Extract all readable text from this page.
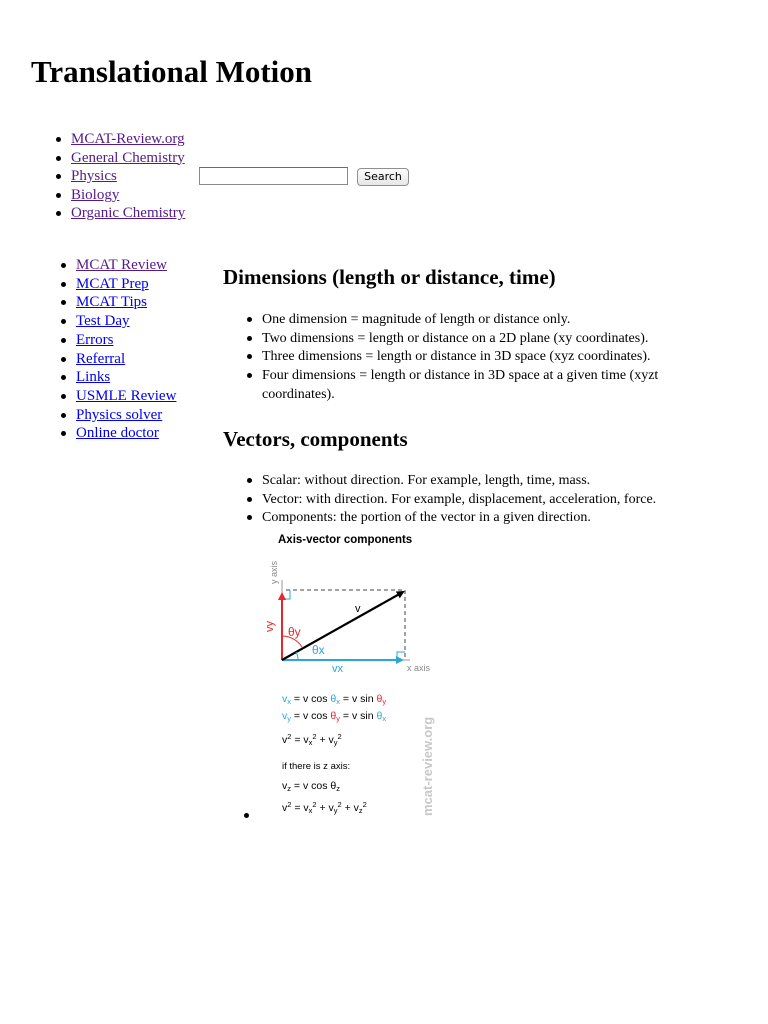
Translational Motion
MCAT-Review.org
General Chemistry
Physics
Biology
Organic Chemistry
Search
MCAT Review
MCAT Prep
MCAT Tips
Test Day
Errors
Referral
Links
USMLE Review
Physics solver
Online doctor
Dimensions (length or distance, time)
One dimension = magnitude of length or distance only.
Two dimensions = length or distance on a 2D plane (xy coordinates).
Three dimensions = length or distance in 3D space (xyz coordinates).
Four dimensions = length or distance in 3D space at a given time (xyzt coordinates).
Vectors, components
Scalar: without direction. For example, length, time, mass.
Vector: with direction. For example, displacement, acceleration, force.
Components: the portion of the vector in a given direction.
Axis-vector components
y axis
x axis
v
θy
θx
vy
vx
vx = v cos θx = v sin θy
vy = v cos θy = v sin θx
$v^2 = vx^2 + vy^2$
if there is z axis:
vz = v cos θz
$v^2 = vx^2 + vy^2 + vz^2$	mcat-review.org
